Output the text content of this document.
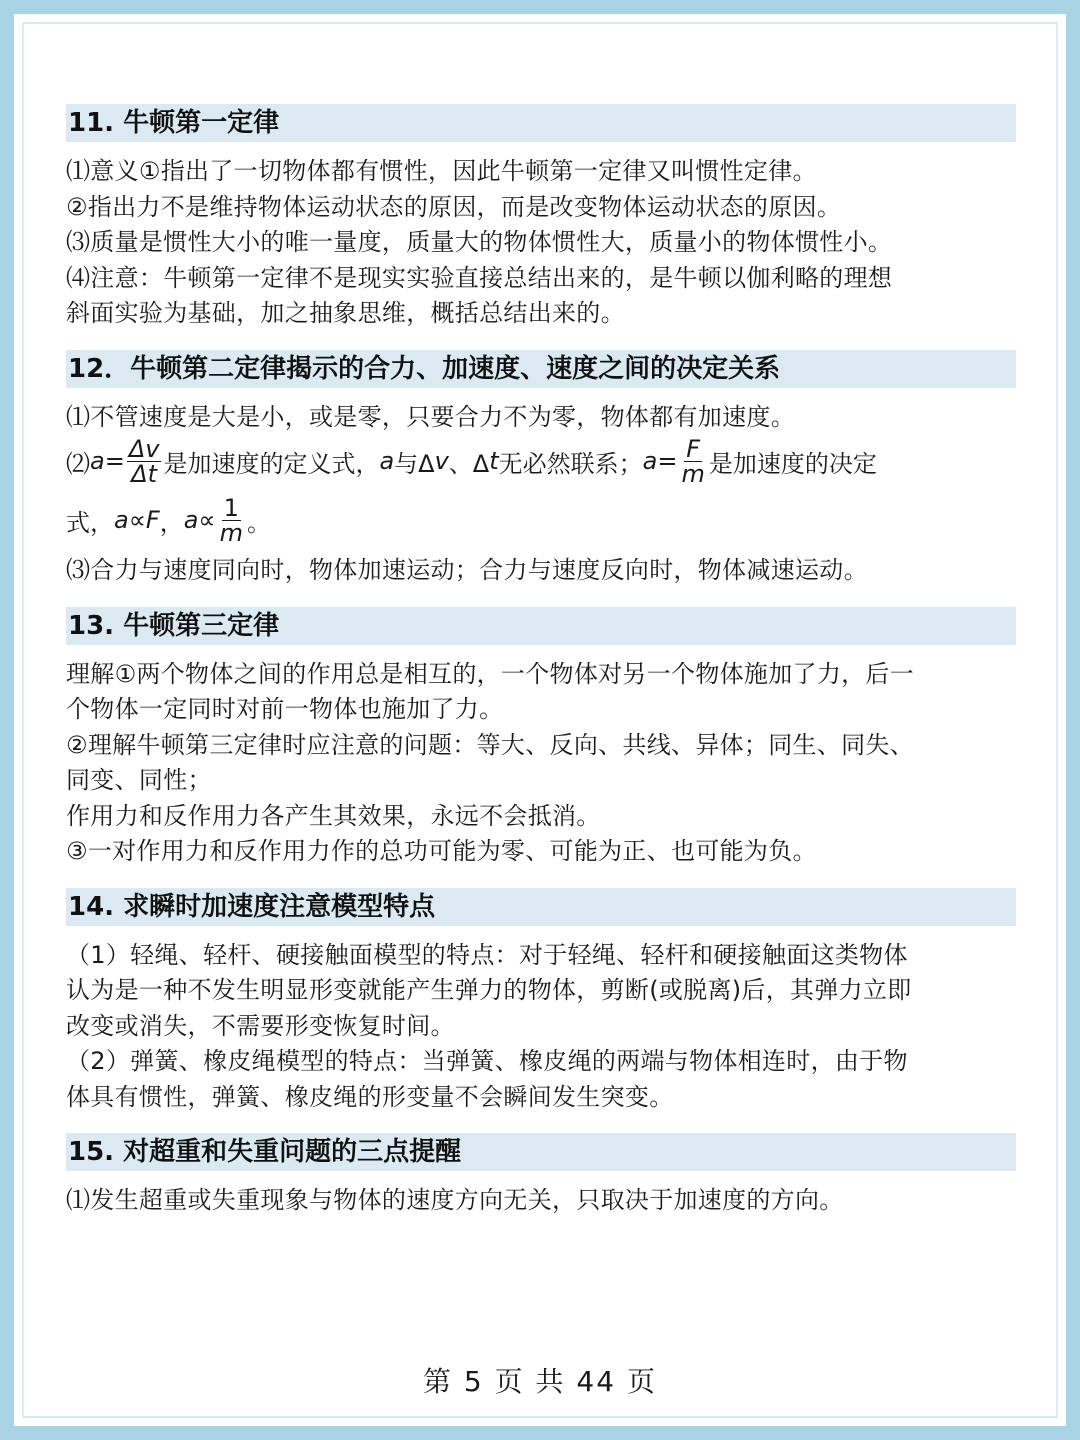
11. 牛顿第一定律
⑴意义①指出了一切物体都有惯性，因此牛顿第一定律又叫惯性定律。
②指出力不是维持物体运动状态的原因，而是改变物体运动状态的原因。
⑶质量是惯性大小的唯一量度，质量大的物体惯性大，质量小的物体惯性小。
⑷注意：牛顿第一定律不是现实实验直接总结出来的，是牛顿以伽利略的理想
斜面实验为基础，加之抽象思维，概括总结出来的。
12．牛顿第二定律揭示的合力、加速度、速度之间的决定关系
⑴不管速度是大是小，或是零，只要合力不为零，物体都有加速度。
⑵ $a = \frac{\Delta v}{\Delta t}$ 是加速度的定义式， a 与Δ v 、Δ t 无必然联系； $a = \frac{F}{m}$ 是加速度的决定
式， a ∝ F ， $a \propto \frac{1}{m}$ 。
⑶合力与速度同向时，物体加速运动；合力与速度反向时，物体减速运动。
13. 牛顿第三定律
理解①两个物体之间的作用总是相互的，一个物体对另一个物体施加了力，后一
个物体一定同时对前一物体也施加了力。
②理解牛顿第三定律时应注意的问题：等大、反向、共线、异体；同生、同失、
同变、同性；
作用力和反作用力各产生其效果，永远不会抵消。
③一对作用力和反作用力作的总功可能为零、可能为正、也可能为负。
14. 求瞬时加速度注意模型特点
（1）轻绳、轻杆、硬接触面模型的特点：对于轻绳、轻杆和硬接触面这类物体
认为是一种不发生明显形变就能产生弹力的物体，剪断(或脱离)后，其弹力立即
改变或消失，不需要形变恢复时间。
（2）弹簧、橡皮绳模型的特点：当弹簧、橡皮绳的两端与物体相连时，由于物
体具有惯性，弹簧、橡皮绳的形变量不会瞬间发生突变。
15. 对超重和失重问题的三点提醒
⑴发生超重或失重现象与物体的速度方向无关，只取决于加速度的方向。
第 5 页 共 44 页
